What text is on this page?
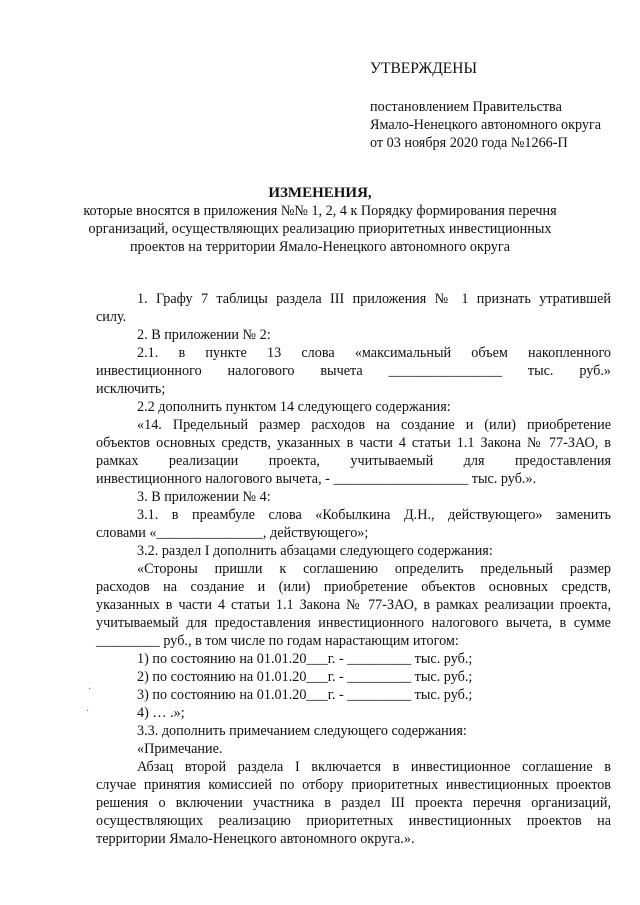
УТВЕРЖДЕНЫ
постановлением Правительства
Ямало-Ненецкого автономного округа
от 03 ноября 2020 года №1266-П
ИЗМЕНЕНИЯ,
которые вносятся в приложения №№ 1, 2, 4 к Порядку формирования перечня
организаций, осуществляющих реализацию приоритетных инвестиционных
проектов на территории Ямало-Ненецкого автономного округа
1. Графу 7 таблицы раздела III приложения № 1 признать утратившей
силу.
2. В приложении № 2:
2.1. в пункте 13 слова «максимальный объем накопленного
инвестиционного налогового вычета ________________ тыс. руб.»
исключить;
2.2 дополнить пунктом 14 следующего содержания:
«14. Предельный размер расходов на создание и (или) приобретение
объектов основных средств, указанных в части 4 статьи 1.1 Закона № 77-ЗАО, в
рамках реализации проекта, учитываемый для предоставления
инвестиционного налогового вычета, - ___________________ тыс. руб.».
3. В приложении № 4:
3.1. в преамбуле слова «Кобылкина Д.Н., действующего» заменить
словами «_______________, действующего»;
3.2. раздел I дополнить абзацами следующего содержания:
«Стороны пришли к соглашению определить предельный размер
расходов на создание и (или) приобретение объектов основных средств,
указанных в части 4 статьи 1.1 Закона № 77-ЗАО, в рамках реализации проекта,
учитываемый для предоставления инвестиционного налогового вычета, в сумме
_________ руб., в том числе по годам нарастающим итогом:
1) по состоянию на 01.01.20___г. - _________ тыс. руб.;
2) по состоянию на 01.01.20___г. - _________ тыс. руб.;
3) по состоянию на 01.01.20___г. - _________ тыс. руб.;
4) … .»;
3.3. дополнить примечанием следующего содержания:
«Примечание.
Абзац второй раздела I включается в инвестиционное соглашение в
случае принятия комиссией по отбору приоритетных инвестиционных проектов
решения о включении участника в раздел III проекта перечня организаций,
осуществляющих реализацию приоритетных инвестиционных проектов на
территории Ямало-Ненецкого автономного округа.».
·
·
